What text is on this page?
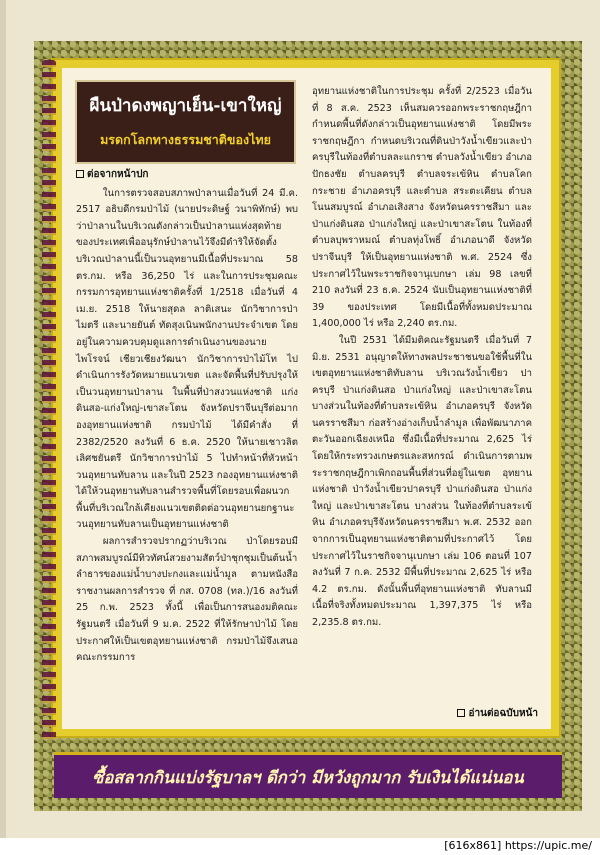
ผืนป่าดงพญาเย็น-เขาใหญ่
มรดกโลกทางธรรมชาติของไทย
ต่อจากหน้าปก

ในการตรวจสอบสภาพป่าลานเมื่อวันที่ 24 มี.ค. 2517 อธิบดีกรมป่าไม้ (นายประดิษฐ์ วนาพิทักษ์) พบว่าป่าลานในบริเวณดังกล่าวเป็นป่าลานแห่งสุดท้ายของประเทศเพื่ออนุรักษ์ป่าลานไว้จึงมีดำริให้จัดตั้งบริเวณป่าลานนี้เป็นวนอุทยานมีเนื้อที่ประมาณ 58 ตร.กม. หรือ 36,250 ไร่ และในการประชุมคณะกรรมการอุทยานแห่งชาติครั้งที่ 1/2518 เมื่อวันที่ 4 เม.ย. 2518 ให้นายสุดล ลาติเสนะ นักวิชาการป่าไมตรี และนายยันต์ ทัดสุงเนินพนักงานประจำเขต โดยอยู่ในความควบคุมดูแลการดำเนินงานของนายไพโรจน์ เชียวเชียงวัฒนา นักวิชาการป่าไม้โท ไปดำเนินการรังวัดหมายแนวเขต และจัดพื้นที่ปรับปรุงให้เป็นวนอุทยานป่าลาน ในพื้นที่ป่าสงวนแห่งชาติ แก่งดินสอ-แก่งใหญ่-เขาสะโตน จังหวัดปราจีนบุรีต่อมากองอุทยานแห่งชาติ กรมป่าไม้ ได้มีคำสั่ง ที่ 2382/2520 ลงวันที่ 6 ธ.ค. 2520 ให้นายเชาวลิต เลิศชยันตรี นักวิชาการป่าไม้ 5 ไปทำหน้าที่หัวหน้าวนอุทยานทับลาน และในปี 2523 กองอุทยานแห่งชาติ ได้ให้วนอุทยานทับลานสำรวจพื้นที่โดยรอบเพื่อผนวกพื้นที่บริเวณใกล้เคียงแนวเขตติดต่อวนอุทยานยกฐานะวนอุทยานทับลานเป็นอุทยานแห่งชาติ

ผลการสำรวจปรากฏว่าบริเวณ ป่าโดยรอบมีสภาพสมบูรณ์มีทิวทัศน์สวยงามสัตว์ป่าชุกชุมเป็นต้นน้ำลำธารของแม่น้ำบางปะกงและแม่น้ำมูล ตามหนังสือราชงานผลการสำรวจ ที่ กส. 0708 (ทล.)/16 ลงวันที่ 25 ก.พ. 2523 ทั้งนี้ เพื่อเป็นการสนองมติคณะรัฐมนตรี เมื่อวันที่ 9 ม.ค. 2522 ที่ให้รักษาป่าไม้ โดยประกาศให้เป็นเขตอุทยานแห่งชาติ กรมป่าไม้จึงเสนอคณะกรรมการ

อุทยานแห่งชาติในการประชุม ครั้งที่ 2/2523 เมื่อวันที่ 8 ส.ค. 2523 เห็นสมควรออกพระราชกฤษฎีกากำหนดพื้นที่ดังกล่าวเป็นอุทยานแห่งชาติ โดยมีพระราชกฤษฎีกา กำหนดบริเวณที่ดินป่าวังน้ำเขียวและป่าครบุรีในท้องที่ตำบลละแกราช ตำบลวังน้ำเขียว อำเภอปักธงชัย ตำบลครบุรี ตำบลจระเข้หิน ตำบลโคกกระชาย อำเภอครบุรี และตำบล สระตะเคียน ตำบลโนนสมบูรณ์ อำเภอเสิงสาง จังหวัดนครราชสีมา และป่าแก่งดินสอ ป่าแก่งใหญ่ และป่าเขาสะโตน ในท้องที่ ตำบลบุพราหมณ์ ตำบลทุ่งโพธิ์ อำเภอนาดี จังหวัดปราจีนบุรี ให้เป็นอุทยานแห่งชาติ พ.ศ. 2524 ซึ่งประกาศไว้ในพระราชกิจจานุเบกษา เล่ม 98 เลขที่ 210 ลงวันที่ 23 ธ.ค. 2524 นับเป็นอุทยานแห่งชาติที่ 39 ของประเทศ โดยมีเนื้อที่ทั้งหมดประมาณ 1,400,000 ไร่ หรือ 2,240 ตร.กม.

ในปี 2531 ได้มีมติคณะรัฐมนตรี เมื่อวันที่ 7 มิ.ย. 2531 อนุญาตให้ทางพลประชาชนขอใช้พื้นที่ในเขตอุทยานแห่งชาติทับลาน บริเวณวังน้ำเขียว ปาครบุรี ป่าแก่งดินสอ ป่าแก่งใหญ่ และป่าเขาสะโตนบางส่วนในท้องที่ตำบลระเข้หิน อำเภอครบุรี จังหวัดนครราชสีมา ก่อสร้างอ่างเก็บน้ำลำมูล เพื่อพัฒนาภาคตะวันออกเฉียงเหนือ ซึ่งมีเนื้อที่ประมาณ 2,625 ไร่ โดยให้กระทรวงเกษตรและสหกรณ์ ดำเนินการตามพระราชกฤษฎีกาเพิกถอนพื้นที่ส่วนที่อยู่ในเขต อุทยานแห่งชาติ ป่าวังน้ำเขียวปาครบุรี ป่าแก่งดินสอ ป่าแก่งใหญ่ และป่าเขาสะโตน บางส่วน ในท้องที่ตำบลระเข้หิน อำเภอครบุรีจังหวัดนครราชสีมา พ.ศ. 2532 ออกจากการเป็นอุทยานแห่งชาติตามที่ประกาศไว้ โดยประกาศไว้ในราชกิจจานุเบกษา เล่ม 106 ตอนที่ 107 ลงวันที่ 7 ก.ค. 2532 มีพื้นที่ประมาณ 2,625 ไร่ หรือ 4.2 ตร.กม. ดังนั้นพื้นที่อุทยานแห่งชาติ ทับลานมีเนื้อที่จริงทั้งหมดประมาณ 1,397,375 ไร่ หรือ 2,235.8 ตร.กม.

อ่านต่อฉบับหน้า
ซื้อสลากกินแบ่งรัฐบาลฯ ดีกว่า มีหวังถูกมาก รับเงินได้แน่นอน
[616x861] https://upic.me/
